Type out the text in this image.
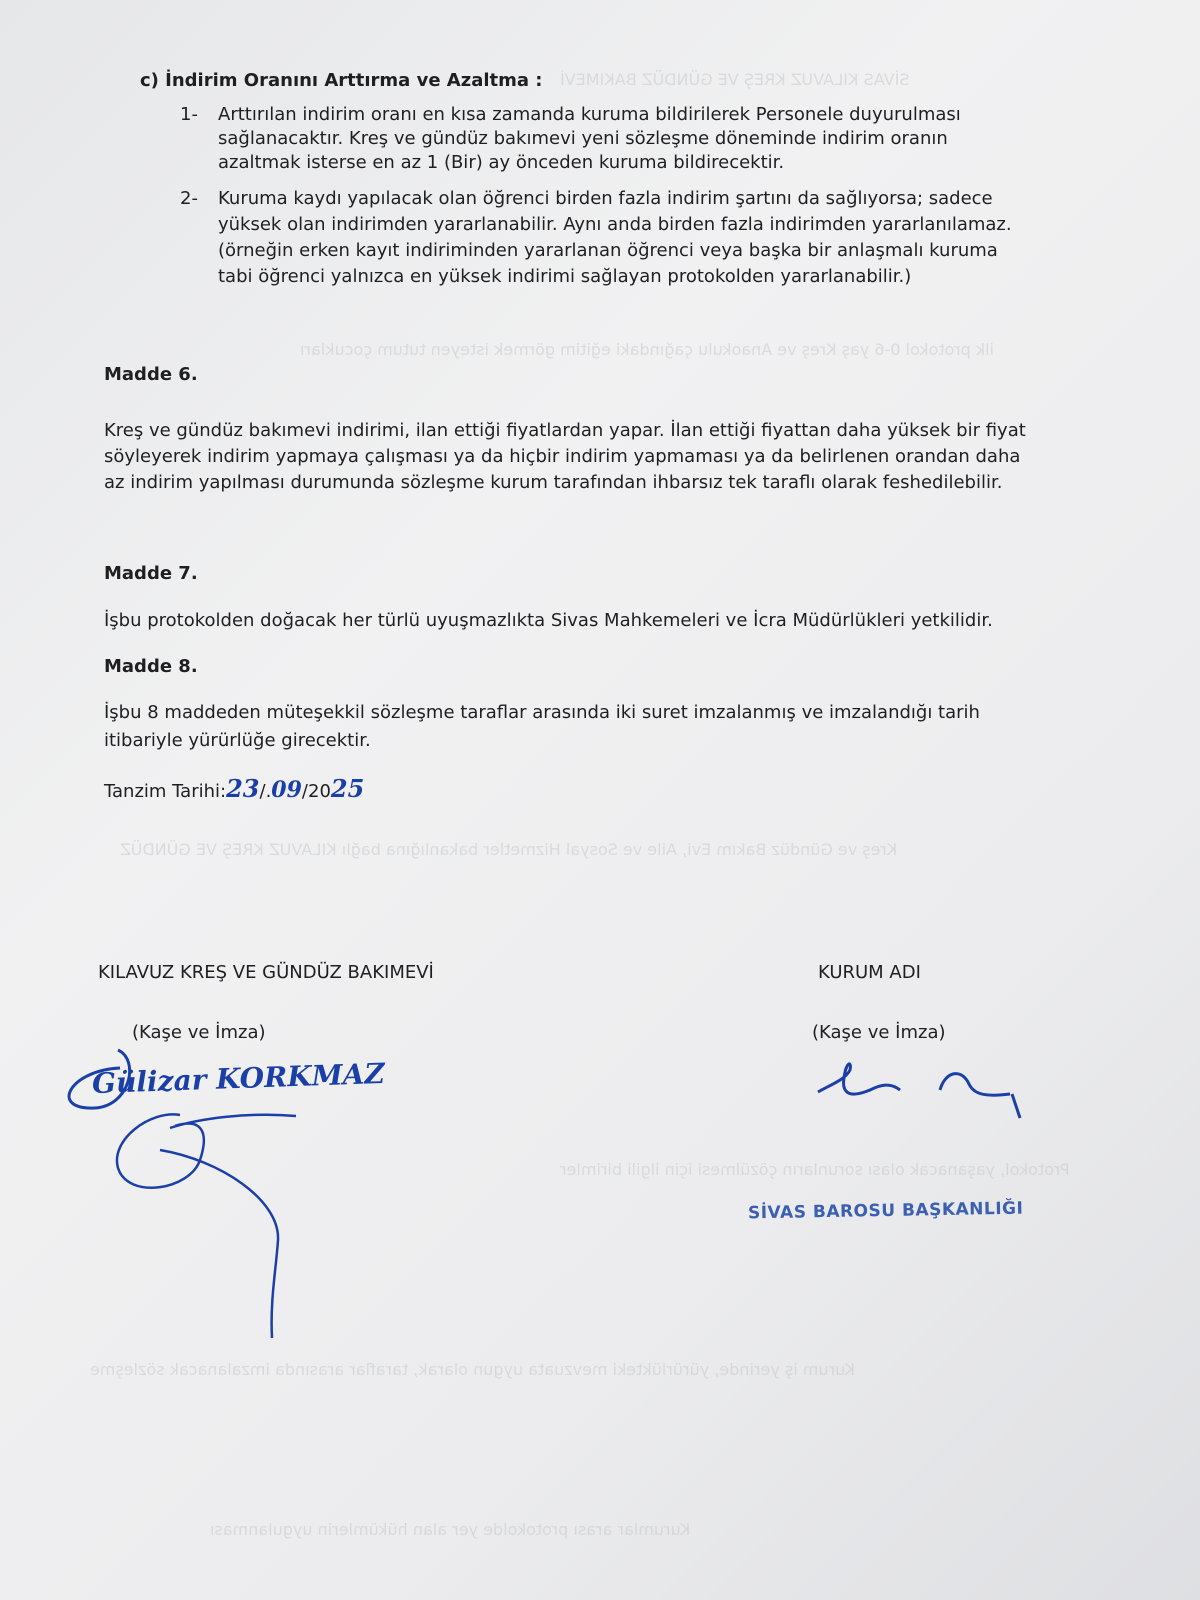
SİVAS KILAVUZ KREŞ VE GÜNDÜZ BAKIMEVİ
ilk protokol 0-6 yaş Kreş ve Anaokulu çağındaki eğitim görmek isteyen tutum çocukları
Kreş ve Gündüz Bakım Evi, Aile ve Sosyal Hizmetler bakanlığına bağlı KILAVUZ KREŞ VE GÜNDÜZ
Protokol, yaşanacak olası sorunların çözülmesi için ilgili birimler
Kurum iş yerinde, yürürlükteki mevzuata uygun olarak, taraflar arasında imzalanacak sözleşme
Kurumlar arası protokolde yer alan hükümlerin uygulanması
c) İndirim Oranını Arttırma ve Azaltma :
1- Arttırılan indirim oranı en kısa zamanda kuruma bildirilerek Personele duyurulması

sağlanacaktır. Kreş ve gündüz bakımevi yeni sözleşme döneminde indirim oranın

azaltmak isterse en az 1 (Bir) ay önceden kuruma bildirecektir.

2- Kuruma kaydı yapılacak olan öğrenci birden fazla indirim şartını da sağlıyorsa; sadece

yüksek olan indirimden yararlanabilir. Aynı anda birden fazla indirimden yararlanılamaz.

(örneğin erken kayıt indiriminden yararlanan öğrenci veya başka bir anlaşmalı kuruma

tabi öğrenci yalnızca en yüksek indirimi sağlayan protokolden yararlanabilir.)

Madde 6.

Kreş ve gündüz bakımevi indirimi, ilan ettiği fiyatlardan yapar. İlan ettiği fiyattan daha yüksek bir fiyat

söyleyerek indirim yapmaya çalışması ya da hiçbir indirim yapmaması ya da belirlenen orandan daha

az indirim yapılması durumunda sözleşme kurum tarafından ihbarsız tek taraflı olarak feshedilebilir.

Madde 7.
İşbu protokolden doğacak her türlü uyuşmazlıkta Sivas Mahkemeleri ve İcra Müdürlükleri yetkilidir.
Madde 8.

İşbu 8 maddeden müteşekkil sözleşme taraflar arasında iki suret imzalanmış ve imzalandığı tarih

itibariyle yürürlüğe girecektir.

Tanzim Tarihi:23/.09/2025
KILAVUZ KREŞ VE GÜNDÜZ BAKIMEVİ	KURUM ADI
(Kaşe ve İmza)	(Kaşe ve İmza)
Gülizar KORKMAZ
SİVAS BAROSU BAŞKANLIĞI
